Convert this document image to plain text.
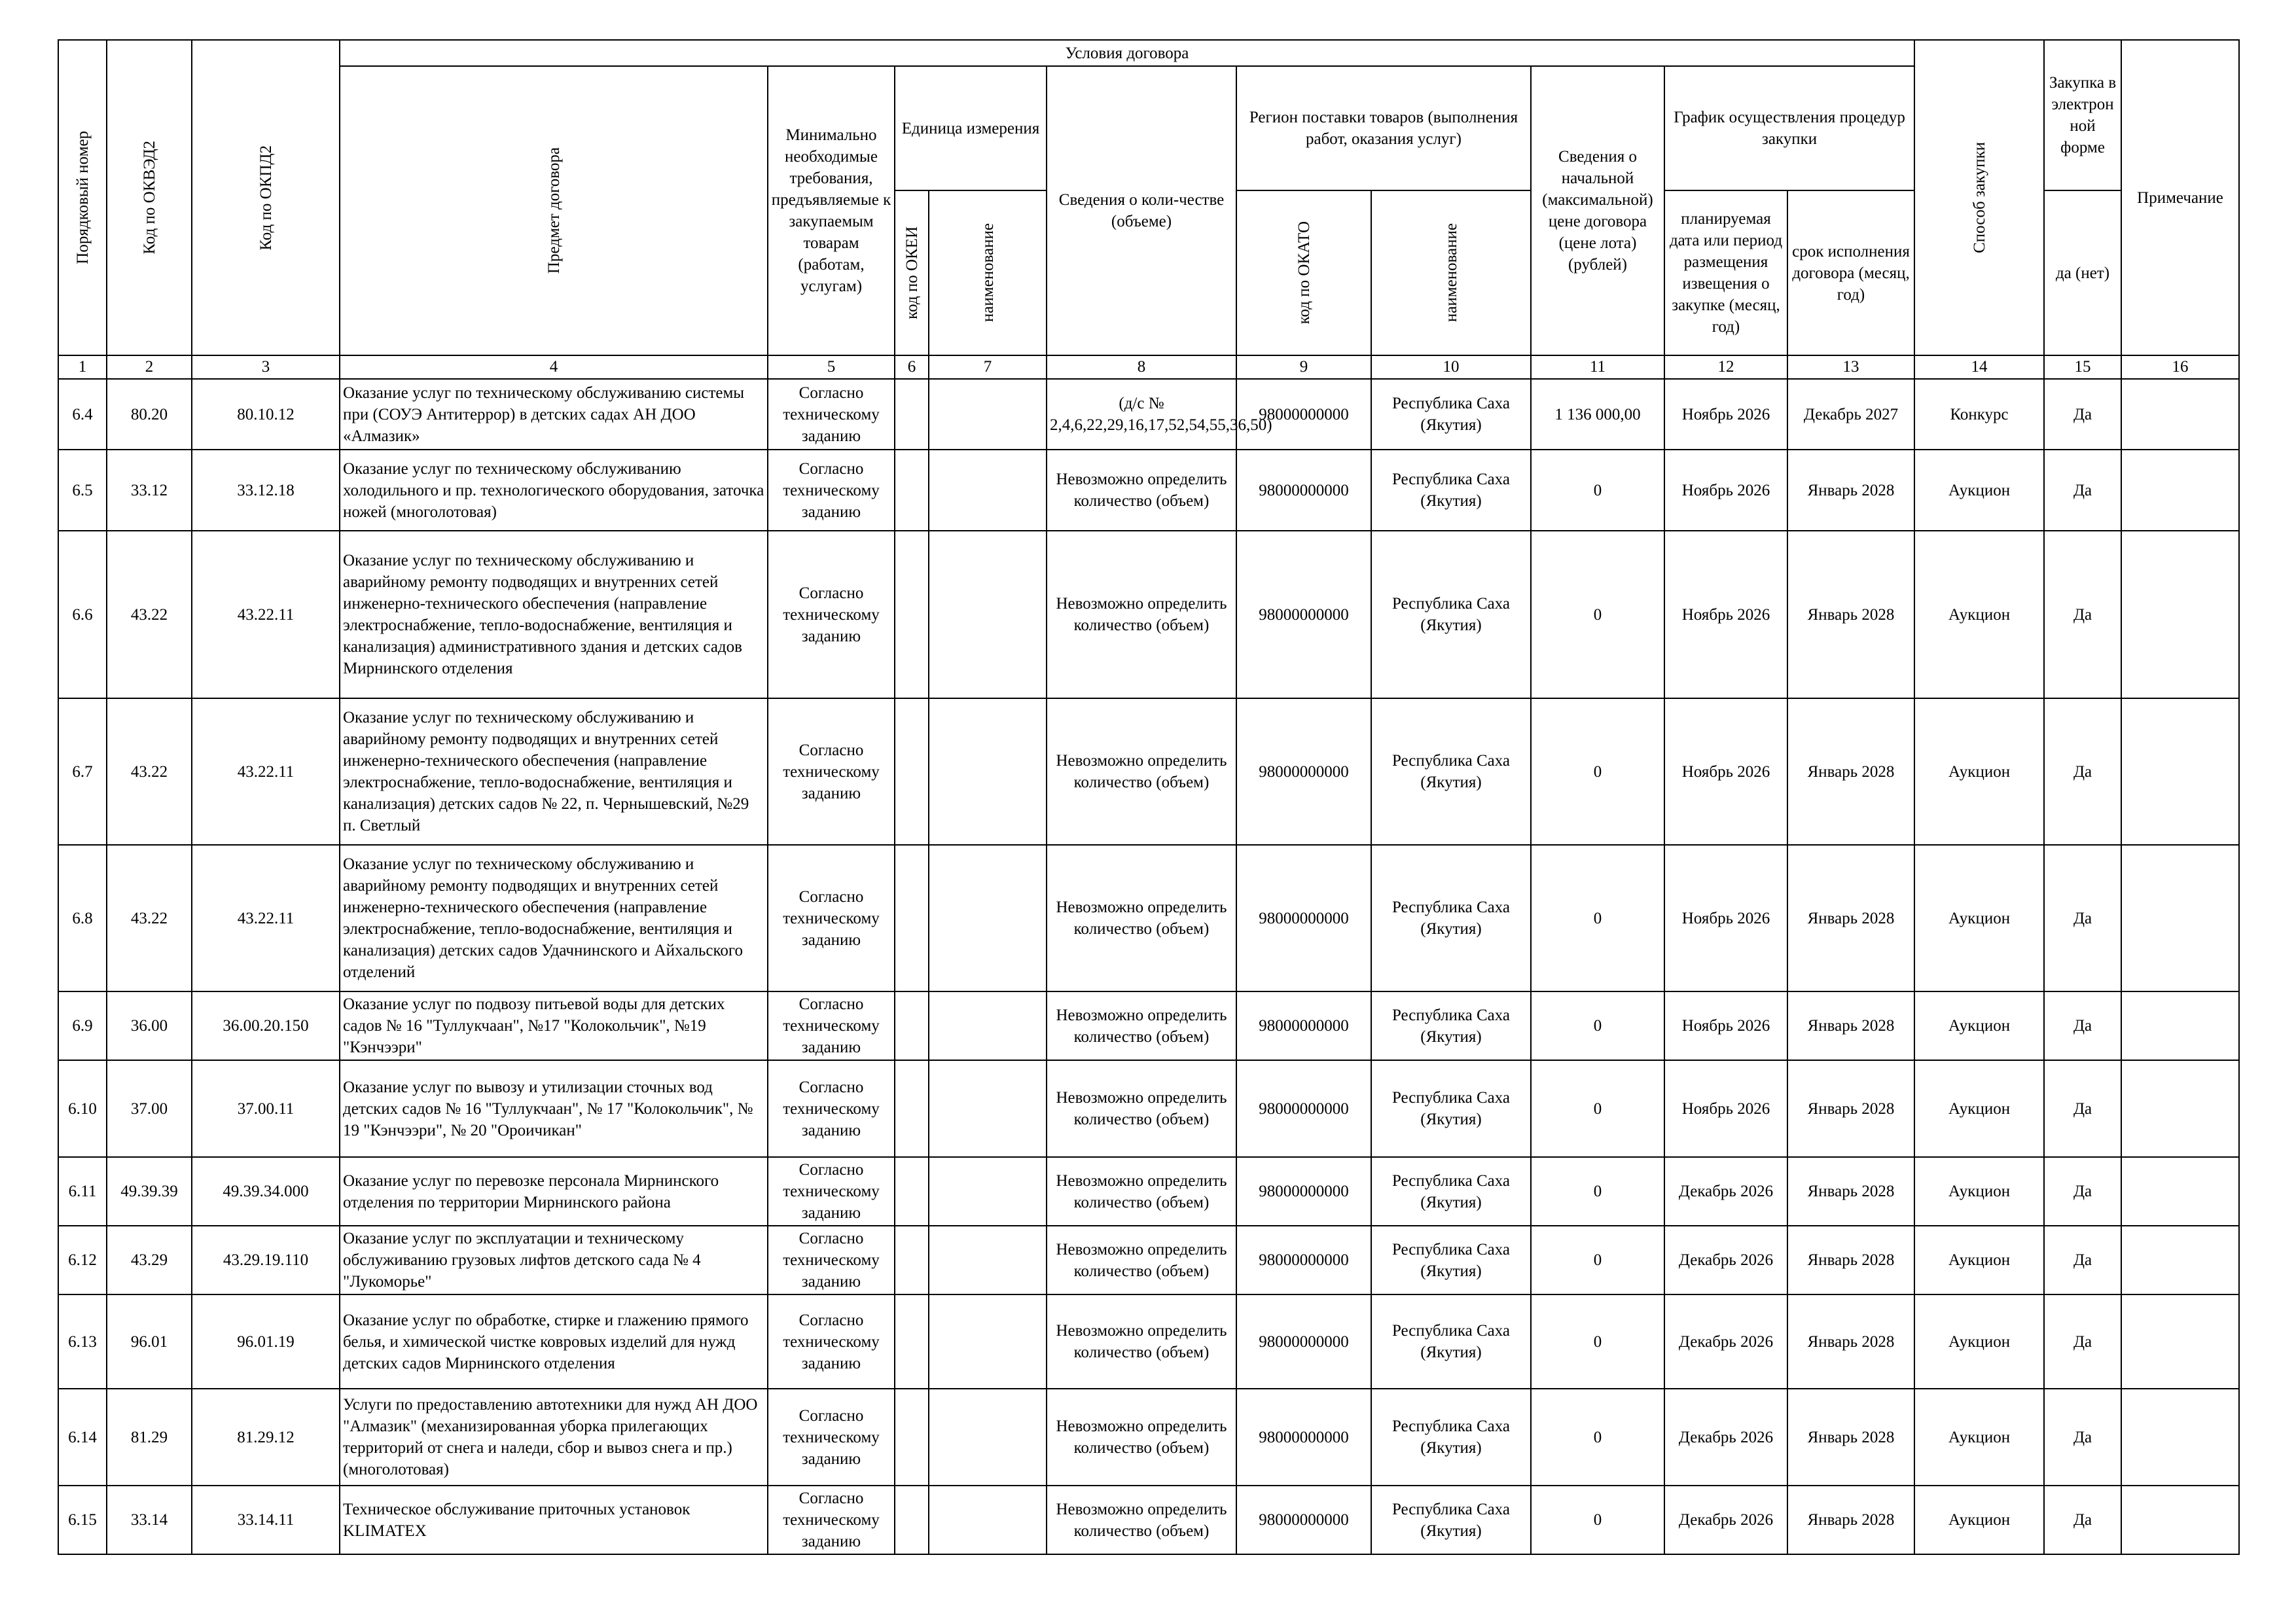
Порядковый номер	Код по ОКВЭД2	Код по ОКПД2	Условия договора										Способ закупки	Закупка в электрон ной форме	Примечание

			Предмет договора	Минимально необходимые требования, предъявляемые к закупаемым товарам (работам, услугам)	Единица измерения		Сведения о коли-честве (объеме)	Регион поставки товаров (выполнения работ, оказания услуг)		Сведения о начальной (максимальной) цене договора (цене лота) (рублей)	График осуществления процедур закупки				

					код по ОКЕИ	наименование		код по ОКАТО	наименование		планируемая дата или период размещения извещения о закупке (месяц, год)	срок исполнения договора (месяц, год)		да (нет)	
1	2	3	4	5	6	7	8	9	10	11	12	13	14	15	16
6.4	80.20	80.10.12	Оказание услуг по техническому обслуживанию системы при (СОУЭ Антитеррор) в детских садах АН ДОО «Алмазик»	Согласно техническому заданию			(д/с № 2,4,6,22,29,16,17,52,54,55,36,50)	98000000000	Республика Саха (Якутия)	1 136 000,00	Ноябрь 2026	Декабрь 2027	Конкурс	Да	
6.5	33.12	33.12.18	Оказание услуг по техническому обслуживанию холодильного и пр. технологического оборудования, заточка ножей (многолотовая)	Согласно техническому заданию			Невозможно определить количество (объем)	98000000000	Республика Саха (Якутия)	0	Ноябрь 2026	Январь 2028	Аукцион	Да	
6.6	43.22	43.22.11	Оказание услуг по техническому обслуживанию и аварийному ремонту подводящих и внутренних сетей инженерно-технического обеспечения (направление электроснабжение, тепло-водоснабжение, вентиляция и канализация) административного здания и детских садов Мирнинского отделения	Согласно техническому заданию			Невозможно определить количество (объем)	98000000000	Республика Саха (Якутия)	0	Ноябрь 2026	Январь 2028	Аукцион	Да	
6.7	43.22	43.22.11	Оказание услуг по техническому обслуживанию и аварийному ремонту подводящих и внутренних сетей инженерно-технического обеспечения (направление электроснабжение, тепло-водоснабжение, вентиляция и канализация) детских садов № 22, п. Чернышевский, №29 п. Светлый	Согласно техническому заданию			Невозможно определить количество (объем)	98000000000	Республика Саха (Якутия)	0	Ноябрь 2026	Январь 2028	Аукцион	Да	
6.8	43.22	43.22.11	Оказание услуг по техническому обслуживанию и аварийному ремонту подводящих и внутренних сетей инженерно-технического обеспечения (направление электроснабжение, тепло-водоснабжение, вентиляция и канализация) детских садов Удачнинского и Айхальского отделений	Согласно техническому заданию			Невозможно определить количество (объем)	98000000000	Республика Саха (Якутия)	0	Ноябрь 2026	Январь 2028	Аукцион	Да	
6.9	36.00	36.00.20.150	Оказание услуг по подвозу питьевой воды для детских садов № 16 "Туллукчаан", №17 "Колокольчик", №19 "Кэнчээри"	Согласно техническому заданию			Невозможно определить количество (объем)	98000000000	Республика Саха (Якутия)	0	Ноябрь 2026	Январь 2028	Аукцион	Да	
6.10	37.00	37.00.11	Оказание услуг по вывозу и утилизации сточных вод детских садов № 16 "Туллукчаан", № 17 "Колокольчик", № 19 "Кэнчээри", № 20 "Ороичикан"	Согласно техническому заданию			Невозможно определить количество (объем)	98000000000	Республика Саха (Якутия)	0	Ноябрь 2026	Январь 2028	Аукцион	Да	
6.11	49.39.39	49.39.34.000	Оказание услуг по перевозке персонала Мирнинского отделения по территории Мирнинского района	Согласно техническому заданию			Невозможно определить количество (объем)	98000000000	Республика Саха (Якутия)	0	Декабрь 2026	Январь 2028	Аукцион	Да	
6.12	43.29	43.29.19.110	Оказание услуг по эксплуатации и техническому обслуживанию грузовых лифтов детского сада № 4 "Лукоморье"	Согласно техническому заданию			Невозможно определить количество (объем)	98000000000	Республика Саха (Якутия)	0	Декабрь 2026	Январь 2028	Аукцион	Да	
6.13	96.01	96.01.19	Оказание услуг по обработке, стирке и глажению прямого белья, и химической чистке ковровых изделий для нужд детских садов Мирнинского отделения	Согласно техническому заданию			Невозможно определить количество (объем)	98000000000	Республика Саха (Якутия)	0	Декабрь 2026	Январь 2028	Аукцион	Да	
6.14	81.29	81.29.12	Услуги по предоставлению автотехники для нужд АН ДОО "Алмазик" (механизированная уборка прилегающих территорий от снега и наледи, сбор и вывоз снега и пр.) (многолотовая)	Согласно техническому заданию			Невозможно определить количество (объем)	98000000000	Республика Саха (Якутия)	0	Декабрь 2026	Январь 2028	Аукцион	Да	
6.15	33.14	33.14.11	Техническое обслуживание приточных установок KLIMATEX	Согласно техническому заданию			Невозможно определить количество (объем)	98000000000	Республика Саха (Якутия)	0	Декабрь 2026	Январь 2028	Аукцион	Да	
